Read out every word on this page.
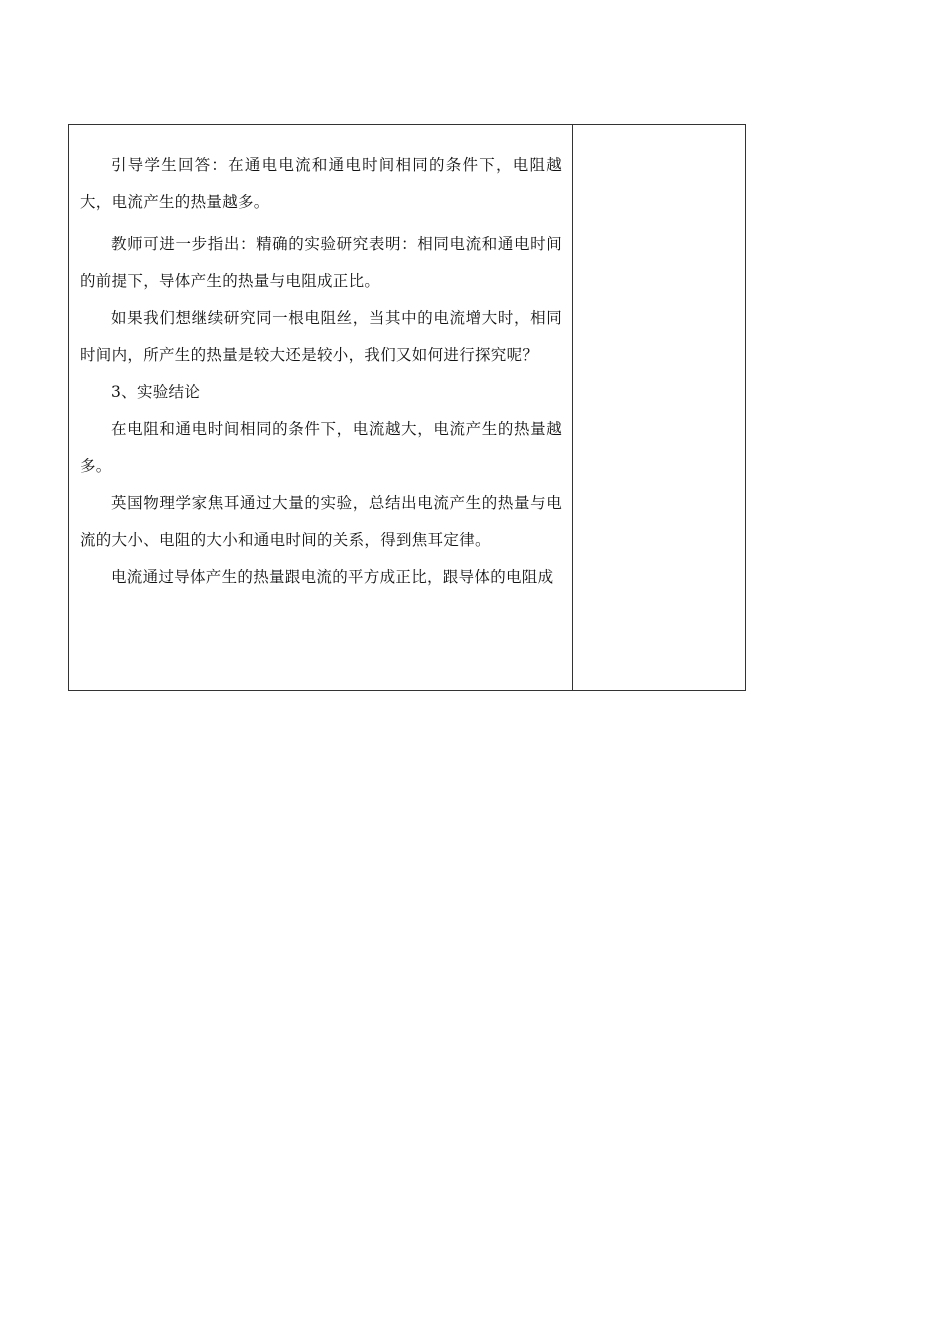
引导学生回答：在通电电流和通电时间相同的条件下，电阻越大，电流产生的热量越多。

教师可进一步指出：精确的实验研究表明：相同电流和通电时间的前提下，导体产生的热量与电阻成正比。

如果我们想继续研究同一根电阻丝，当其中的电流增大时，相同时间内，所产生的热量是较大还是较小，我们又如何进行探究呢？

3、实验结论

在电阻和通电时间相同的条件下，电流越大，电流产生的热量越多。

英国物理学家焦耳通过大量的实验，总结出电流产生的热量与电流的大小、电阻的大小和通电时间的关系，得到焦耳定律。

电流通过导体产生的热量跟电流的平方成正比，跟导体的电阻成
